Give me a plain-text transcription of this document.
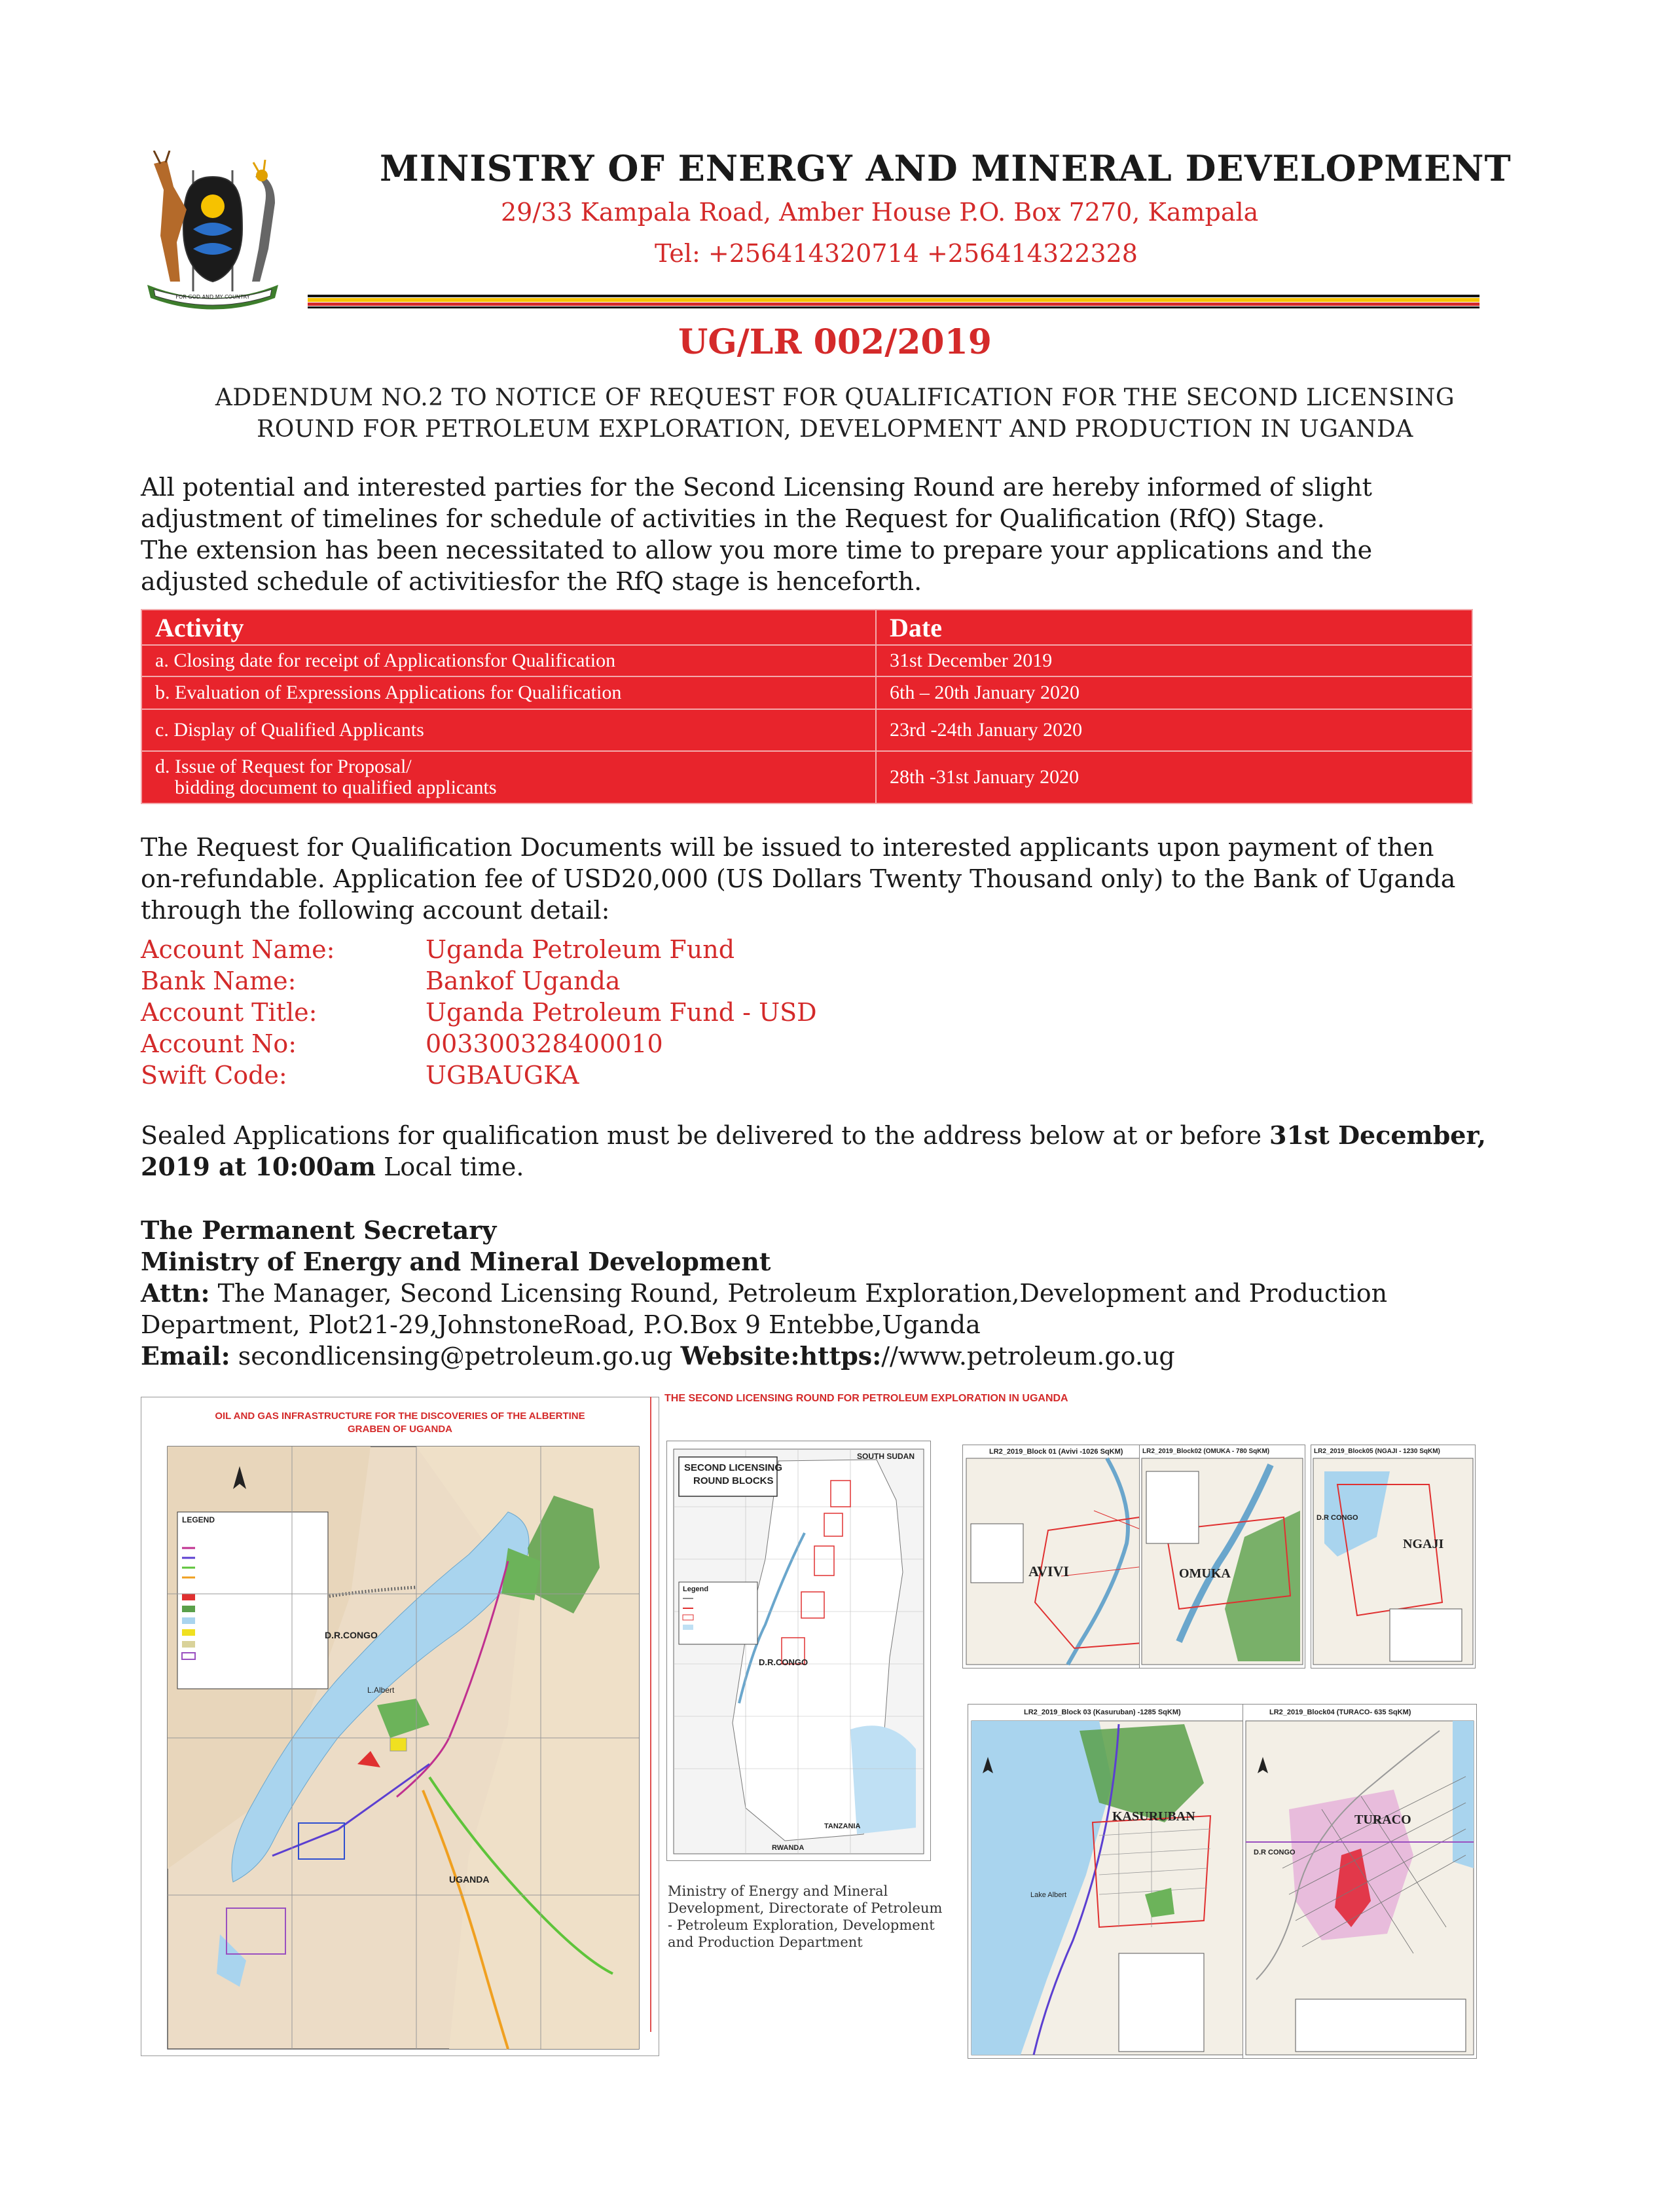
FOR GOD AND MY COUNTRY
MINISTRY OF ENERGY AND MINERAL DEVELOPMENT
29/33 Kampala Road, Amber House P.O. Box 7270, Kampala
Tel: +256414320714 +256414322328
UG/LR 002/2019
ADDENDUM NO.2 TO NOTICE OF REQUEST FOR QUALIFICATION FOR THE SECOND LICENSING
ROUND FOR PETROLEUM EXPLORATION, DEVELOPMENT AND PRODUCTION IN UGANDA
All potential and interested parties for the Second Licensing Round are hereby informed of slight
adjustment of timelines for schedule of activities in the Request for Qualification (RfQ) Stage.
The extension has been necessitated to allow you more time to prepare your applications and the
adjusted schedule of activitiesfor the RfQ stage is henceforth.
Activity	Date
a. Closing date for receipt of Applicationsfor Qualification	31st December 2019
b. Evaluation of Expressions Applications for Qualification	6th – 20th January 2020
c. Display of Qualified Applicants	23rd -24th January 2020

d. Issue of Request for Proposal/
bidding document to qualified applicants	28th -31st January 2020
The Request for Qualification Documents will be issued to interested applicants upon payment of then
on-refundable. Application fee of USD20,000 (US Dollars Twenty Thousand only) to the Bank of Uganda
through the following account detail:
Account Name:	Uganda Petroleum Fund
Bank Name:	Bankof Uganda
Account Title:	Uganda Petroleum Fund - USD
Account No:	003300328400010
Swift Code:	UGBAUGKA
Sealed Applications for qualification must be delivered to the address below at or before 31st December,
2019 at 10:00am Local time.
The Permanent Secretary
Ministry of Energy and Mineral Development
Attn: The Manager, Second Licensing Round, Petroleum Exploration,Development and Production
Department, Plot21-29,JohnstoneRoad, P.O.Box 9 Entebbe,Uganda
Email: secondlicensing@petroleum.go.ug Website:https://www.petroleum.go.ug
OIL AND GAS INFRASTRUCTURE FOR THE DISCOVERIES OF THE ALBERTINE
GRABEN OF UGANDA
LEGEND
D.R.CONGO
L.Albert
UGANDA
THE SECOND LICENSING ROUND FOR PETROLEUM EXPLORATION IN UGANDA
SECOND LICENSING
ROUND BLOCKS
SOUTH SUDAN
D.R.CONGO
TANZANIA
RWANDA
Legend
Ministry of Energy and Mineral Development, Directorate of Petroleum - Petroleum Exploration, Development and Production Department
LR2_2019_Block 01 (Avivi -1026 SqKM)
AVIVI
LR2_2019_Block02 (OMUKA - 780 SqKM)
OMUKA
LR2_2019_Block05 (NGAJI - 1230 SqKM)
D.R CONGO
NGAJI
LR2_2019_Block 03 (Kasuruban) -1285 SqKM)
KASURUBAN
Lake Albert
LR2_2019_Block04 (TURACO- 635 SqKM)
D.R CONGO
TURACO
